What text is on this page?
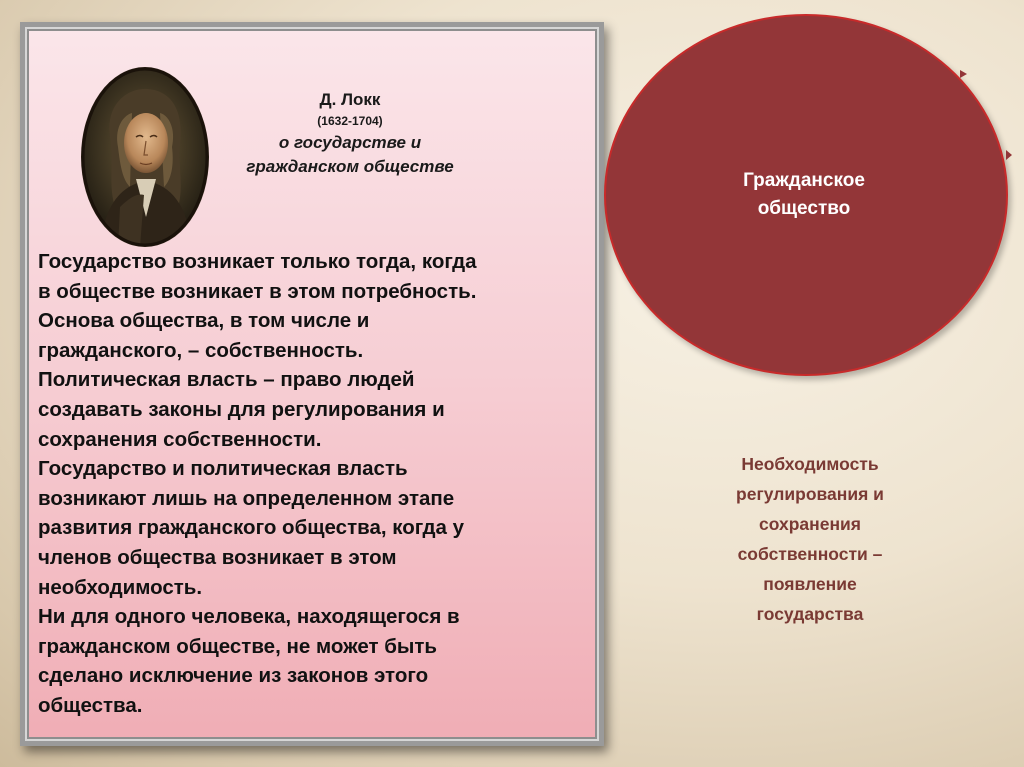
Д. Локк
(1632-1704)
о государстве и
гражданском обществе
Государство возникает только тогда, когда
в обществе возникает в этом потребность.
Основа общества, в том числе и
гражданского, – собственность.
Политическая власть – право людей
создавать законы для регулирования и
сохранения собственности.
Государство и политическая власть
возникают лишь на определенном этапе
развития гражданского общества, когда у
членов общества возникает в этом
необходимость.
Ни для одного человека, находящегося в
гражданском обществе, не может быть
сделано исключение из законов этого
общества.
Гражданское
общество
Необходимость
регулирования и
сохранения
собственности –
появление
государства
